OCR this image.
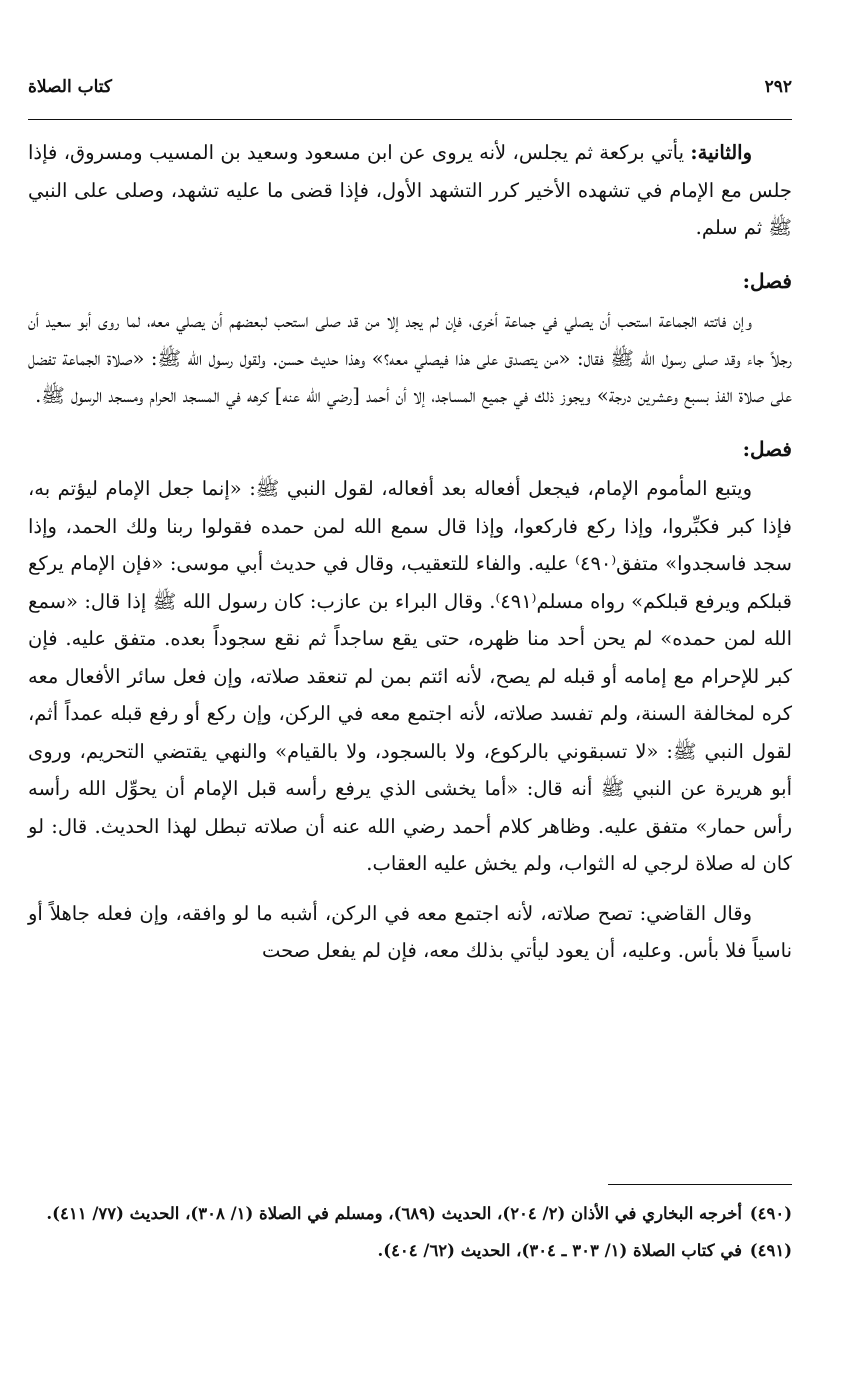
٢٩٢
كتاب الصلاة

والثانية: يأتي بركعة ثم يجلس، لأنه يروى عن ابن مسعود وسعيد بن المسيب ومسروق، فإذا جلس مع الإمام في تشهده الأخير كرر التشهد الأول، فإذا قضى ما عليه تشهد، وصلى على النبي ﷺ ثم سلم.

فصل:

وإن فاتته الجماعة استحب أن يصلي في جماعة أخرى، فإن لم يجد إلا من قد صلى استحب لبعضهم أن يصلي معه، لما روى أبو سعيد أن رجلاً جاء وقد صلى رسول الله ﷺ فقال: «من يتصدق على هذا فيصلي معه؟» وهذا حديث حسن. ولقول رسول الله ﷺ: «صلاة الجماعة تفضل على صلاة الفذ بسبع وعشرين درجة» ويجوز ذلك في جميع المساجد، إلا أن أحمد [رضي الله عنه] كرهه في المسجد الحرام ومسجد الرسول ﷺ.

فصل:

ويتبع المأموم الإمام، فيجعل أفعاله بعد أفعاله، لقول النبي ﷺ: «إنما جعل الإمام ليؤتم به، فإذا كبر فكبِّروا، وإذا ركع فاركعوا، وإذا قال سمع الله لمن حمده فقولوا ربنا ولك الحمد، وإذا سجد فاسجدوا» متفق⁽٤٩٠⁾ عليه. والفاء للتعقيب، وقال في حديث أبي موسى: «فإن الإمام يركع قبلكم ويرفع قبلكم» رواه مسلم⁽٤٩١⁾. وقال البراء بن عازب: كان رسول الله ﷺ إذا قال: «سمع الله لمن حمده» لم يحن أحد منا ظهره، حتى يقع ساجداً ثم نقع سجوداً بعده. متفق عليه. فإن كبر للإحرام مع إمامه أو قبله لم يصح، لأنه ائتم بمن لم تنعقد صلاته، وإن فعل سائر الأفعال معه كره لمخالفة السنة، ولم تفسد صلاته، لأنه اجتمع معه في الركن، وإن ركع أو رفع قبله عمداً أثم، لقول النبي ﷺ: «لا تسبقوني بالركوع، ولا بالسجود، ولا بالقيام» والنهي يقتضي التحريم، وروى أبو هريرة عن النبي ﷺ أنه قال: «أما يخشى الذي يرفع رأسه قبل الإمام أن يحوِّل الله رأسه رأس حمار» متفق عليه. وظاهر كلام أحمد رضي الله عنه أن صلاته تبطل لهذا الحديث. قال: لو كان له صلاة لرجي له الثواب، ولم يخش عليه العقاب.

وقال القاضي: تصح صلاته، لأنه اجتمع معه في الركن، أشبه ما لو وافقه، وإن فعله جاهلاً أو ناسياً فلا بأس. وعليه، أن يعود ليأتي بذلك معه، فإن لم يفعل صحت

(٤٩٠)
أخرجه البخاري في الأذان (٢/ ٢٠٤)، الحديث (٦٨٩)، ومسلم في الصلاة (١/ ٣٠٨)، الحديث (٧٧/ ٤١١).
(٤٩١)
في كتاب الصلاة (١/ ٣٠٣ ـ ٣٠٤)، الحديث (٦٢/ ٤٠٤).
